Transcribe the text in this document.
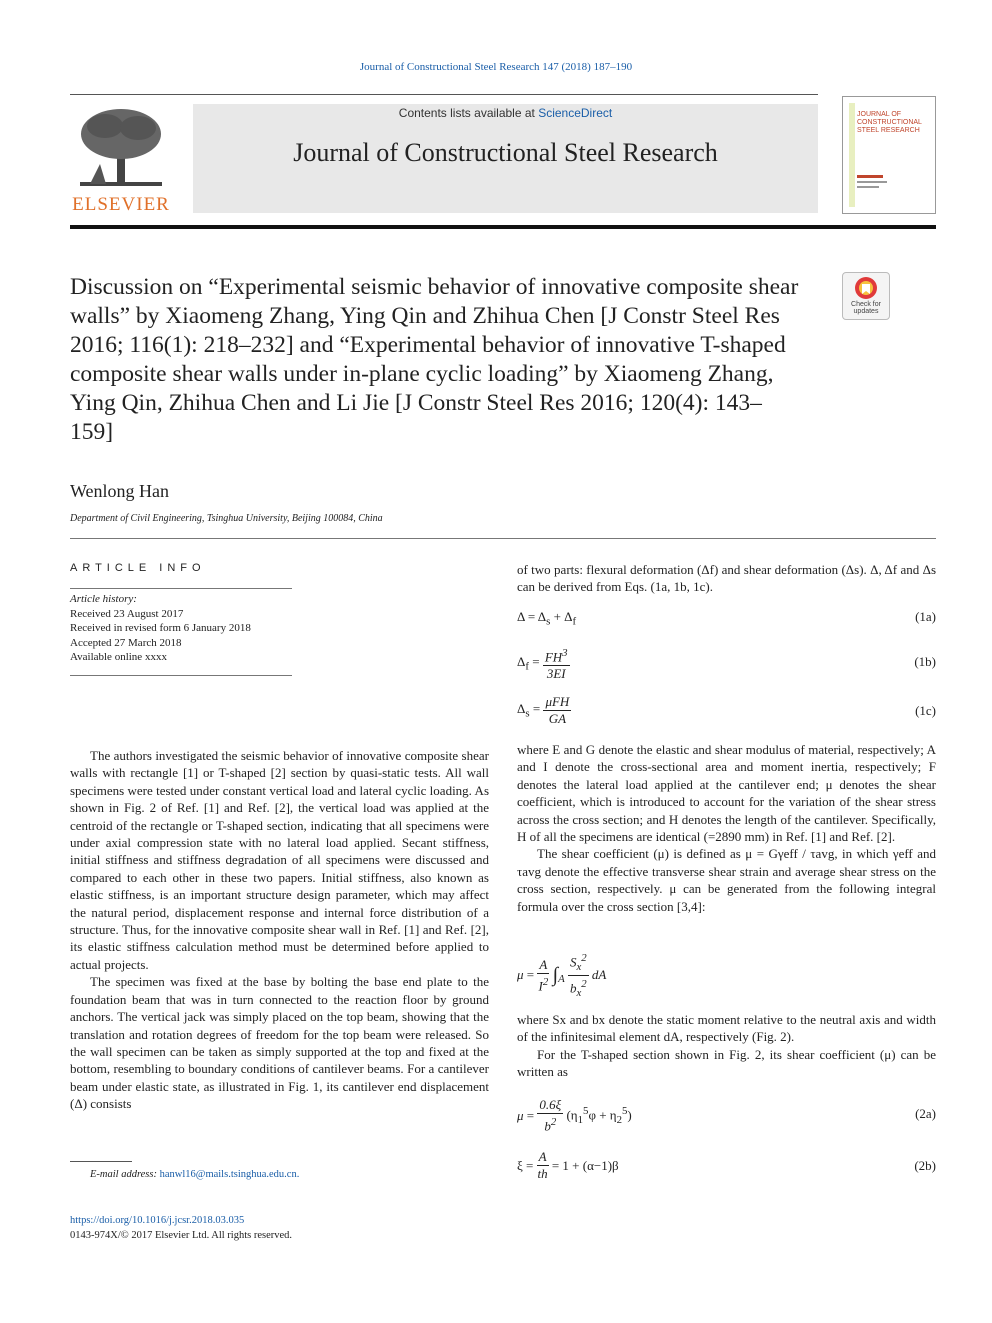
Journal of Constructional Steel Research 147 (2018) 187–190
ELSEVIER
Contents lists available at ScienceDirect
Journal of Constructional Steel Research
JOURNAL OF CONSTRUCTIONAL STEEL RESEARCH
Discussion on “Experimental seismic behavior of innovative composite shear walls” by Xiaomeng Zhang, Ying Qin and Zhihua Chen [J Constr Steel Res 2016; 116(1): 218–232] and “Experimental behavior of innovative T-shaped composite shear walls under in-plane cyclic loading” by Xiaomeng Zhang, Ying Qin, Zhihua Chen and Li Jie [J Constr Steel Res 2016; 120(4): 143–159]
Check for updates
Wenlong Han
Department of Civil Engineering, Tsinghua University, Beijing 100084, China
ARTICLE INFO
Article history:
Received 23 August 2017
Received in revised form 6 January 2018
Accepted 27 March 2018
Available online xxxx

The authors investigated the seismic behavior of innovative composite shear walls with rectangle [1] or T-shaped [2] section by quasi-static tests. All wall specimens were tested under constant vertical load and lateral cyclic loading. As shown in Fig. 2 of Ref. [1] and Ref. [2], the vertical load was applied at the centroid of the rectangle or T-shaped section, indicating that all specimens were under axial compression state with no lateral load applied. Secant stiffness, initial stiffness and stiffness degradation of all specimens were discussed and compared to each other in these two papers. Initial stiffness, also known as elastic stiffness, is an important structure design parameter, which may affect the natural period, displacement response and internal force distribution of a structure. Thus, for the innovative composite shear wall in Ref. [1] and Ref. [2], its elastic stiffness calculation method must be determined before applied to actual projects.

The specimen was fixed at the base by bolting the base end plate to the foundation beam that was in turn connected to the reaction floor by ground anchors. The vertical jack was simply placed on the top beam, showing that the translation and rotation degrees of freedom for the top beam were released. So the wall specimen can be taken as simply supported at the top and fixed at the bottom, resembling to boundary conditions of cantilever beams. For a cantilever beam under elastic state, as illustrated in Fig. 1, its cantilever end displacement (Δ) consists

of two parts: flexural deformation (Δf) and shear deformation (Δs). Δ, Δf and Δs can be derived from Eqs. (1a, 1b, 1c).
$\Delta = \Delta_s + \Delta_f$	(1a)
$\Delta_f = \frac{FH^3}{3EI}$	(1b)
$\Delta_s = \frac{\text{μFH}}{GA}$	(1c)
where E and G denote the elastic and shear modulus of material, respectively; A and I denote the cross-sectional area and moment inertia, respectively; F denotes the lateral load applied at the cantilever end; μ denotes the shear coefficient, which is introduced to account for the variation of the shear stress across the cross section; and H denotes the length of the cantilever. Specifically, H of all the specimens are identical (=2890 mm) in Ref. [1] and Ref. [2].

The shear coefficient (μ) is defined as μ = Gγeff / τavg, in which γeff and τavg denote the effective transverse shear strain and average shear stress on the cross section, respectively. μ can be generated from the following integral formula over the cross section [3,4]:

$\mu = \frac{A}{I^2} \int_A \frac{S_x^2}{b_x^2}$ dA
where Sx and bx denote the static moment relative to the neutral axis and width of the infinitesimal element dA, respectively (Fig. 2).

For the T-shaped section shown in Fig. 2, its shear coefficient (μ) can be written as

$\mu = \frac{0.6\xi}{b^2} (\eta_1^5\varphi + \eta_2^5)$	(2a)
$\xi = \frac{A}{th} = 1 + (\alpha-1)\beta$	(2b)
E-mail address: hanwl16@mails.tsinghua.edu.cn.
https://doi.org/10.1016/j.jcsr.2018.03.035
0143-974X/© 2017 Elsevier Ltd. All rights reserved.
